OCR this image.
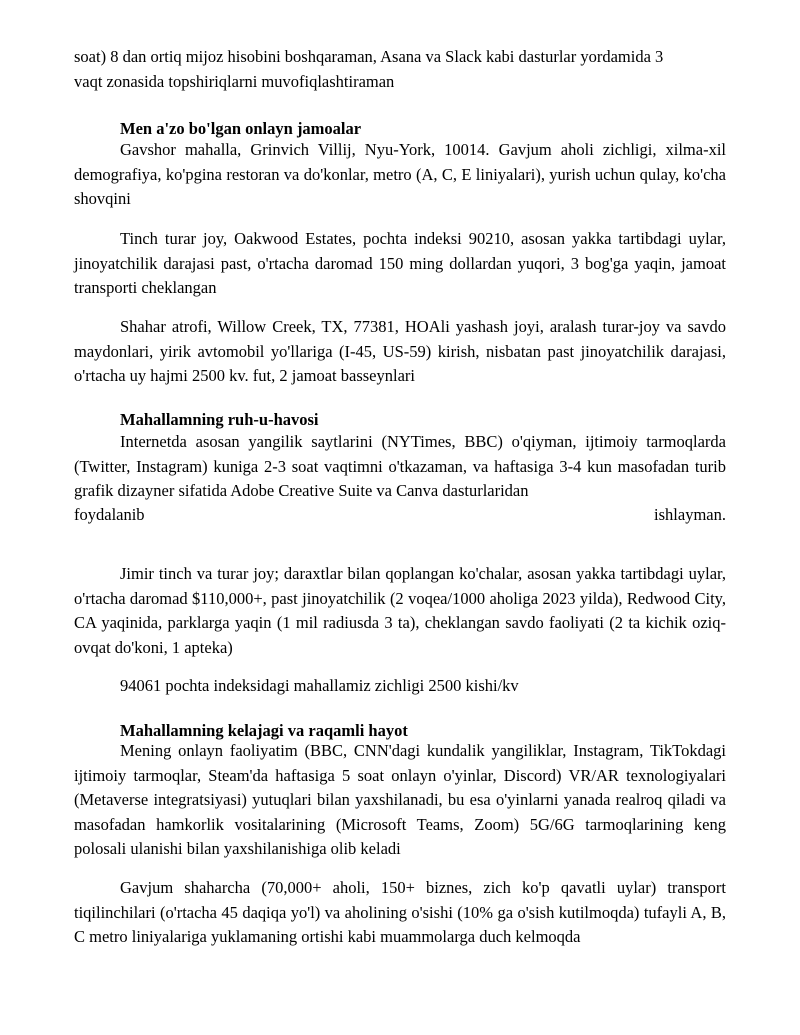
soat) 8 dan ortiq mijoz hisobini boshqaraman, Asana va Slack kabi dasturlar yordamida 3
vaqt zonasida topshiriqlarni muvofiqlashtiraman

Men a'zo bo'lgan onlayn jamoalar

Gavshor mahalla, Grinvich Villij, Nyu-York, 10014. Gavjum aholi zichligi, xilma-xil demografiya, ko'pgina restoran va do'konlar, metro (A, C, E liniyalari), yurish uchun qulay, ko'cha shovqini

Tinch turar joy, Oakwood Estates, pochta indeksi 90210, asosan yakka tartibdagi uylar, jinoyatchilik darajasi past, o'rtacha daromad 150 ming dollardan yuqori, 3 bog'ga yaqin, jamoat transporti cheklangan

Shahar atrofi, Willow Creek, TX, 77381, HOAli yashash joyi, aralash turar-joy va savdo maydonlari, yirik avtomobil yo'llariga (I-45, US-59) kirish, nisbatan past jinoyatchilik darajasi, o'rtacha uy hajmi 2500 kv. fut, 2 jamoat basseynlari

Mahallamning ruh-u-havosi

Internetda asosan yangilik saytlarini (NYTimes, BBC) o'qiyman, ijtimoiy tarmoqlarda (Twitter, Instagram) kuniga 2-3 soat vaqtimni o'tkazaman, va haftasiga 3-4 kun masofadan turib grafik dizayner sifatida Adobe Creative Suite va Canva dasturlaridan

foydalanib	ishlayman.

Jimir tinch va turar joy; daraxtlar bilan qoplangan ko'chalar, asosan yakka tartibdagi uylar, o'rtacha daromad $110,000+, past jinoyatchilik (2 voqea/1000 aholiga 2023 yilda), Redwood City, CA yaqinida, parklarga yaqin (1 mil radiusda 3 ta), cheklangan savdo faoliyati (2 ta kichik oziq-ovqat do'koni, 1 apteka)

94061 pochta indeksidagi mahallamiz zichligi 2500 kishi/kv

Mahallamning kelajagi va raqamli hayot

Mening onlayn faoliyatim (BBC, CNN'dagi kundalik yangiliklar, Instagram, TikTokdagi ijtimoiy tarmoqlar, Steam'da haftasiga 5 soat onlayn o'yinlar, Discord) VR/AR texnologiyalari (Metaverse integratsiyasi) yutuqlari bilan yaxshilanadi, bu esa o'yinlarni yanada realroq qiladi va masofadan hamkorlik vositalarining (Microsoft Teams, Zoom) 5G/6G tarmoqlarining keng polosali ulanishi bilan yaxshilanishiga olib keladi

Gavjum shaharcha (70,000+ aholi, 150+ biznes, zich ko'p qavatli uylar) transport tiqilinchilari (o'rtacha 45 daqiqa yo'l) va aholining o'sishi (10% ga o'sish kutilmoqda) tufayli A, B, C metro liniyalariga yuklamaning ortishi kabi muammolarga duch kelmoqda
